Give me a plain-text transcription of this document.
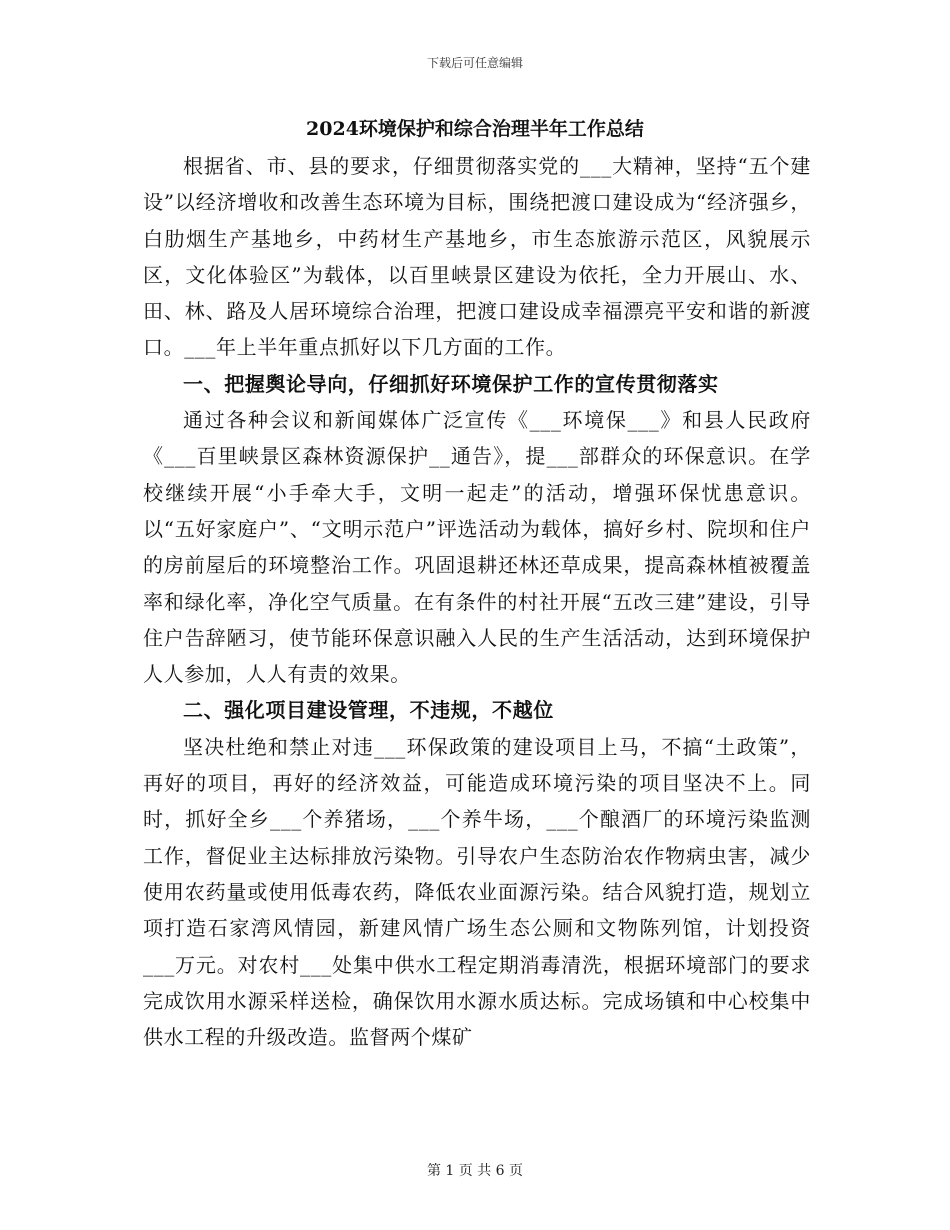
下载后可任意编辑
2024环境保护和综合治理半年工作总结

根据省、市、县的要求，仔细贯彻落实党的___大精神，坚持“五个建设”以经济增收和改善生态环境为目标，围绕把渡口建设成为“经济强乡，白肋烟生产基地乡，中药材生产基地乡，市生态旅游示范区，风貌展示区，文化体验区”为载体，以百里峡景区建设为依托，全力开展山、水、田、林、路及人居环境综合治理，把渡口建设成幸福漂亮平安和谐的新渡口。___年上半年重点抓好以下几方面的工作。

一、把握舆论导向，仔细抓好环境保护工作的宣传贯彻落实

通过各种会议和新闻媒体广泛宣传《___环境保___》和县人民政府《___百里峡景区森林资源保护__通告》，提___部群众的环保意识。在学校继续开展“小手牵大手，文明一起走”的活动，增强环保忧患意识。以“五好家庭户”、“文明示范户”评选活动为载体，搞好乡村、院坝和住户的房前屋后的环境整治工作。巩固退耕还林还草成果，提高森林植被覆盖率和绿化率，净化空气质量。在有条件的村社开展“五改三建”建设，引导住户告辞陋习，使节能环保意识融入人民的生产生活活动，达到环境保护人人参加，人人有责的效果。

二、强化项目建设管理，不违规，不越位

坚决杜绝和禁止对违___环保政策的建设项目上马，不搞“土政策”，再好的项目，再好的经济效益，可能造成环境污染的项目坚决不上。同时，抓好全乡___个养猪场，___个养牛场，___个酿酒厂的环境污染监测工作，督促业主达标排放污染物。引导农户生态防治农作物病虫害，减少使用农药量或使用低毒农药，降低农业面源污染。结合风貌打造，规划立项打造石家湾风情园，新建风情广场生态公厕和文物陈列馆，计划投资___万元。对农村___处集中供水工程定期消毒清洗，根据环境部门的要求完成饮用水源采样送检，确保饮用水源水质达标。完成场镇和中心校集中供水工程的升级改造。监督两个煤矿

第 1 页 共 6 页
